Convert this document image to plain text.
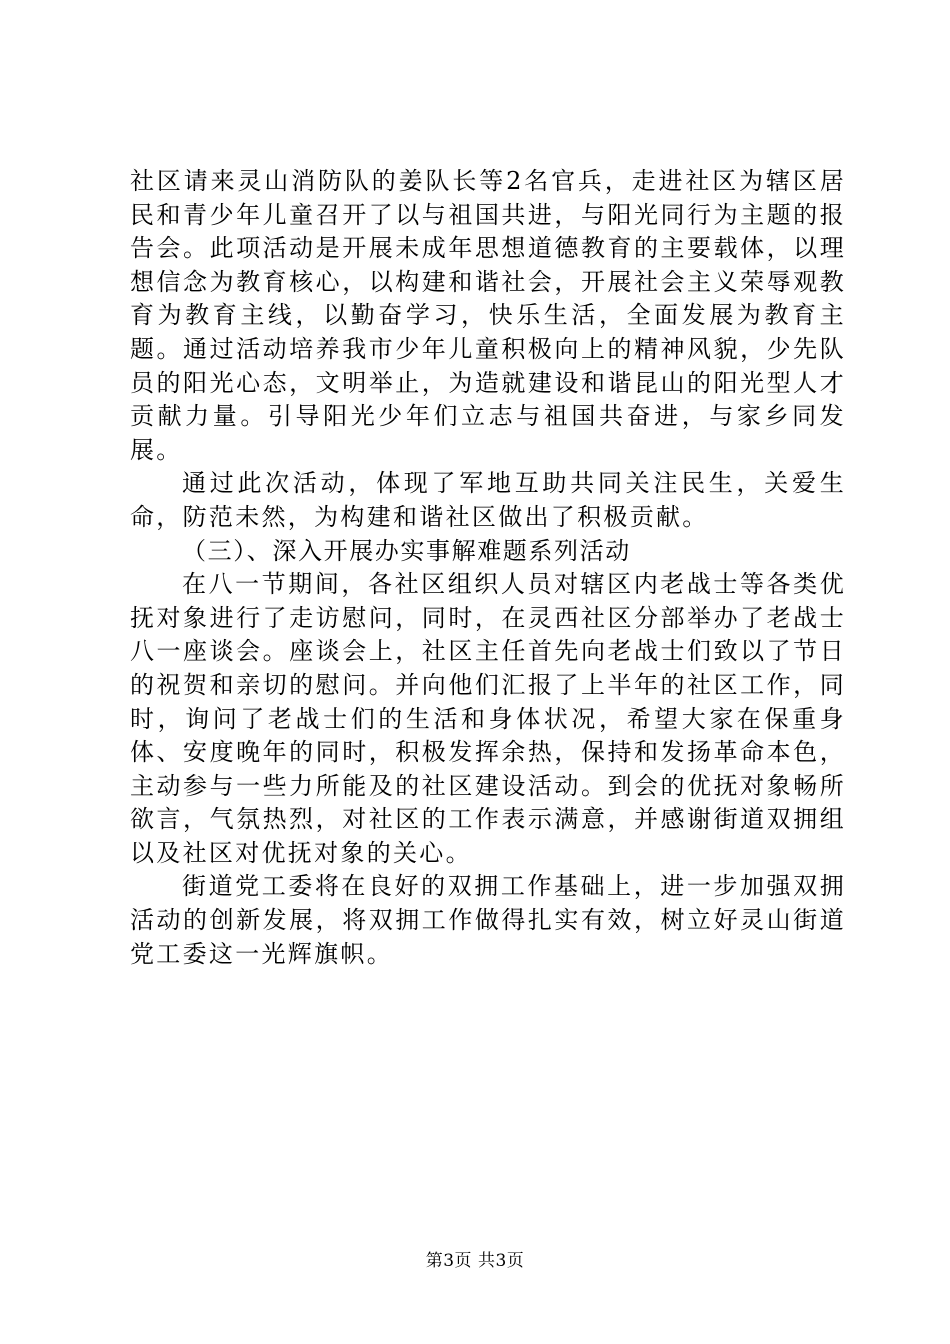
社区请来灵山消防队的姜队长等2名官兵，走进社区为辖区居民和青少年儿童召开了以与祖国共进，与阳光同行为主题的报告会。此项活动是开展未成年思想道德教育的主要载体，以理想信念为教育核心，以构建和谐社会，开展社会主义荣辱观教育为教育主线，以勤奋学习，快乐生活，全面发展为教育主题。通过活动培养我市少年儿童积极向上的精神风貌，少先队员的阳光心态，文明举止，为造就建设和谐昆山的阳光型人才贡献力量。引导阳光少年们立志与祖国共奋进，与家乡同发展。

通过此次活动，体现了军地互助共同关注民生，关爱生命，防范未然，为构建和谐社区做出了积极贡献。

（三）、深入开展办实事解难题系列活动

在八一节期间，各社区组织人员对辖区内老战士等各类优抚对象进行了走访慰问，同时，在灵西社区分部举办了老战士八一座谈会。座谈会上，社区主任首先向老战士们致以了节日的祝贺和亲切的慰问。并向他们汇报了上半年的社区工作，同时，询问了老战士们的生活和身体状况，希望大家在保重身体、安度晚年的同时，积极发挥余热，保持和发扬革命本色，主动参与一些力所能及的社区建设活动。到会的优抚对象畅所欲言，气氛热烈，对社区的工作表示满意，并感谢街道双拥组以及社区对优抚对象的关心。

街道党工委将在良好的双拥工作基础上，进一步加强双拥活动的创新发展，将双拥工作做得扎实有效，树立好灵山街道党工委这一光辉旗帜。

第3页 共3页
